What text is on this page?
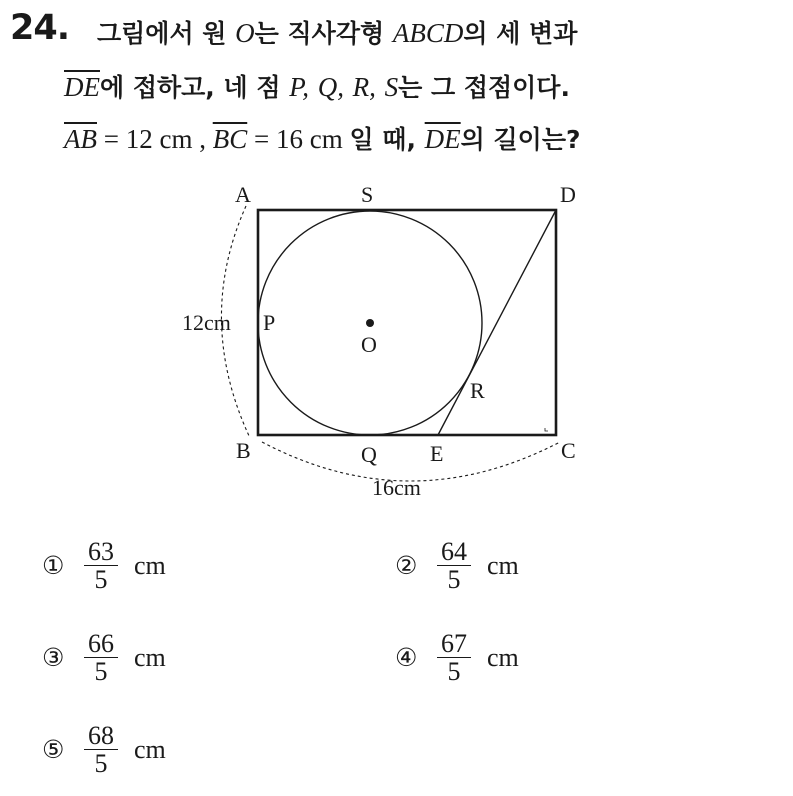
24. 그림에서 원 O는 직사각형 ABCD의 세 변과
$\overline{DE}$에 접하고, 네 점 P, Q, R, S는 그 접점이다.
$\overline{AB} = 12$ cm , $\overline{BC} = 16$ cm 일 때, $\overline{DE}$의 길이는?
A	S	D
B	Q E	C
P
O
R
12cm
16cm
① $\frac{63}{5}$ cm	② $\frac{64}{5}$ cm
③ $\frac{66}{5}$ cm	④ $\frac{67}{5}$ cm
⑤ $\frac{68}{5}$ cm
